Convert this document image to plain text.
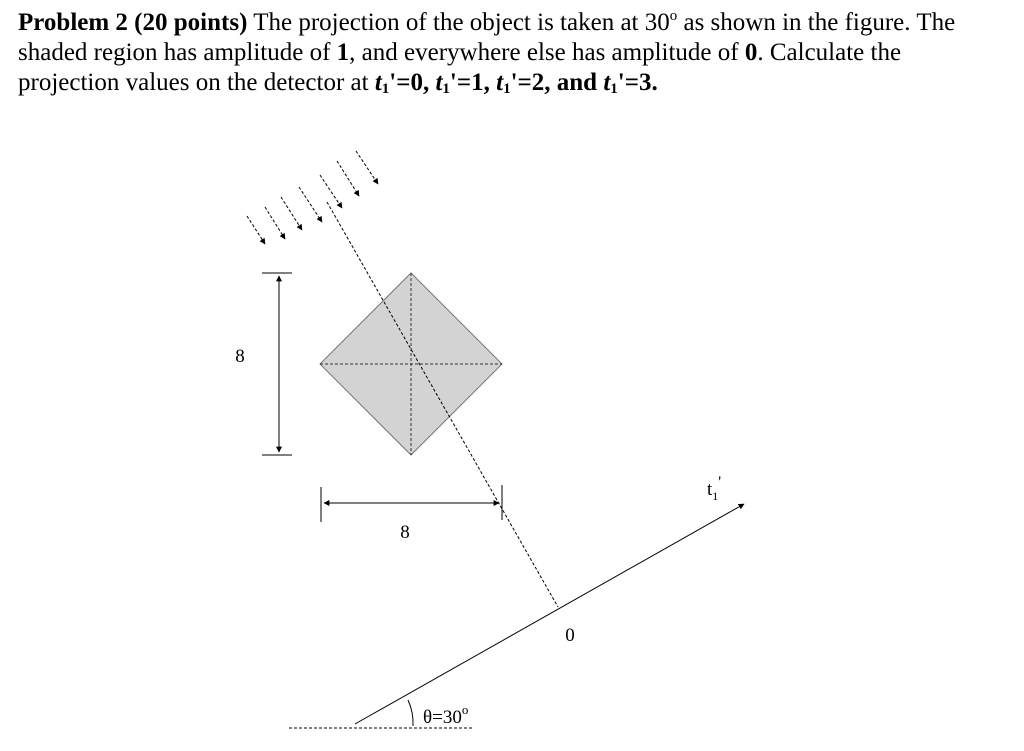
Problem 2 (20 points) The projection of the object is taken at 30$^o$ as shown in the figure. The shaded region has amplitude of 1, and everywhere else has amplitude of 0. Calculate the projection values on the detector at $t_1'=0$, $t_1'=1$, $t_1'=2$, and $t_1'=3$.
8
8
$t_1'$
0
$\theta=30^o$
